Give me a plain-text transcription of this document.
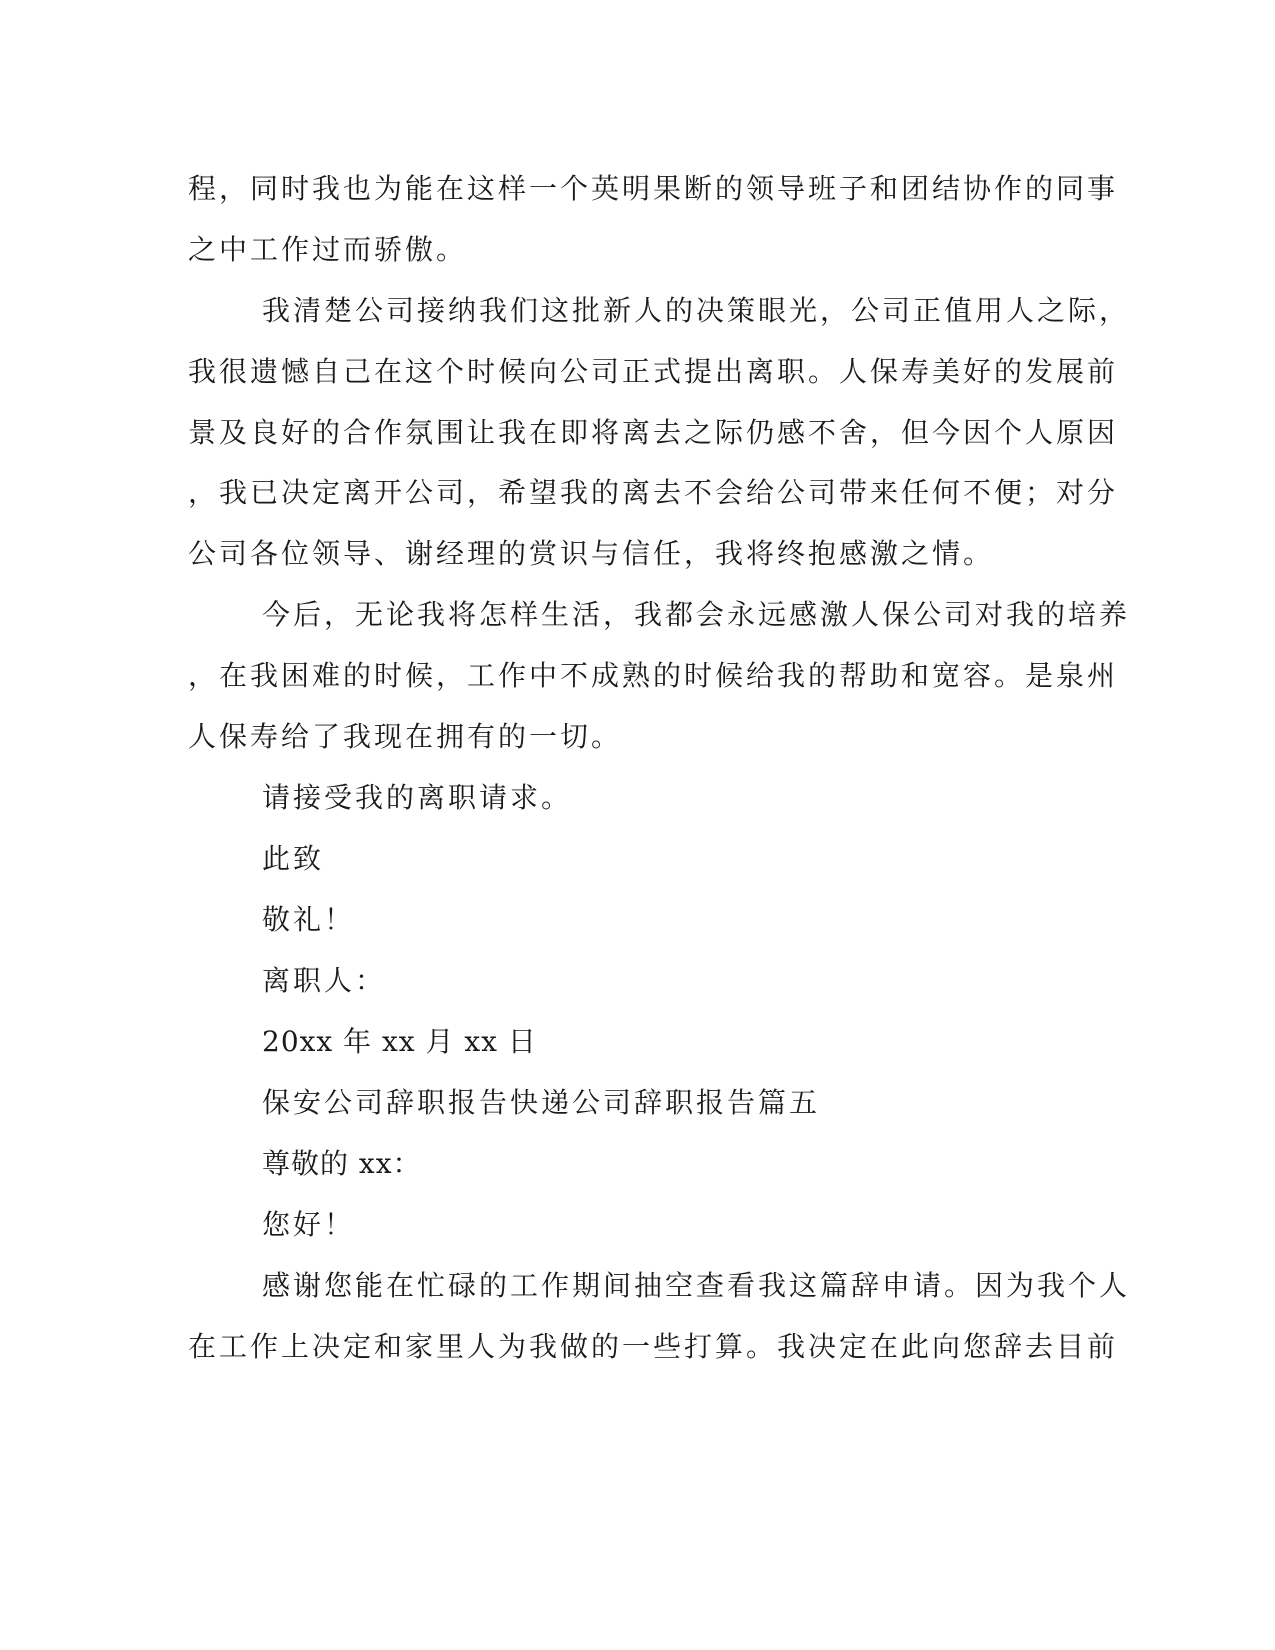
程，同时我也为能在这样一个英明果断的领导班子和团结协作的同事
之中工作过而骄傲。
我清楚公司接纳我们这批新人的决策眼光，公司正值用人之际，
我很遗憾自己在这个时候向公司正式提出离职。人保寿美好的发展前
景及良好的合作氛围让我在即将离去之际仍感不舍，但今因个人原因
，我已决定离开公司，希望我的离去不会给公司带来任何不便；对分
公司各位领导、谢经理的赏识与信任，我将终抱感激之情。
今后，无论我将怎样生活，我都会永远感激人保公司对我的培养
，在我困难的时候，工作中不成熟的时候给我的帮助和宽容。是泉州
人保寿给了我现在拥有的一切。
请接受我的离职请求。
此致
敬礼！
离职人：
20xx 年 xx 月 xx 日
保安公司辞职报告快递公司辞职报告篇五
尊敬的 xx：
您好！
感谢您能在忙碌的工作期间抽空查看我这篇辞申请。因为我个人
在工作上决定和家里人为我做的一些打算。我决定在此向您辞去目前
